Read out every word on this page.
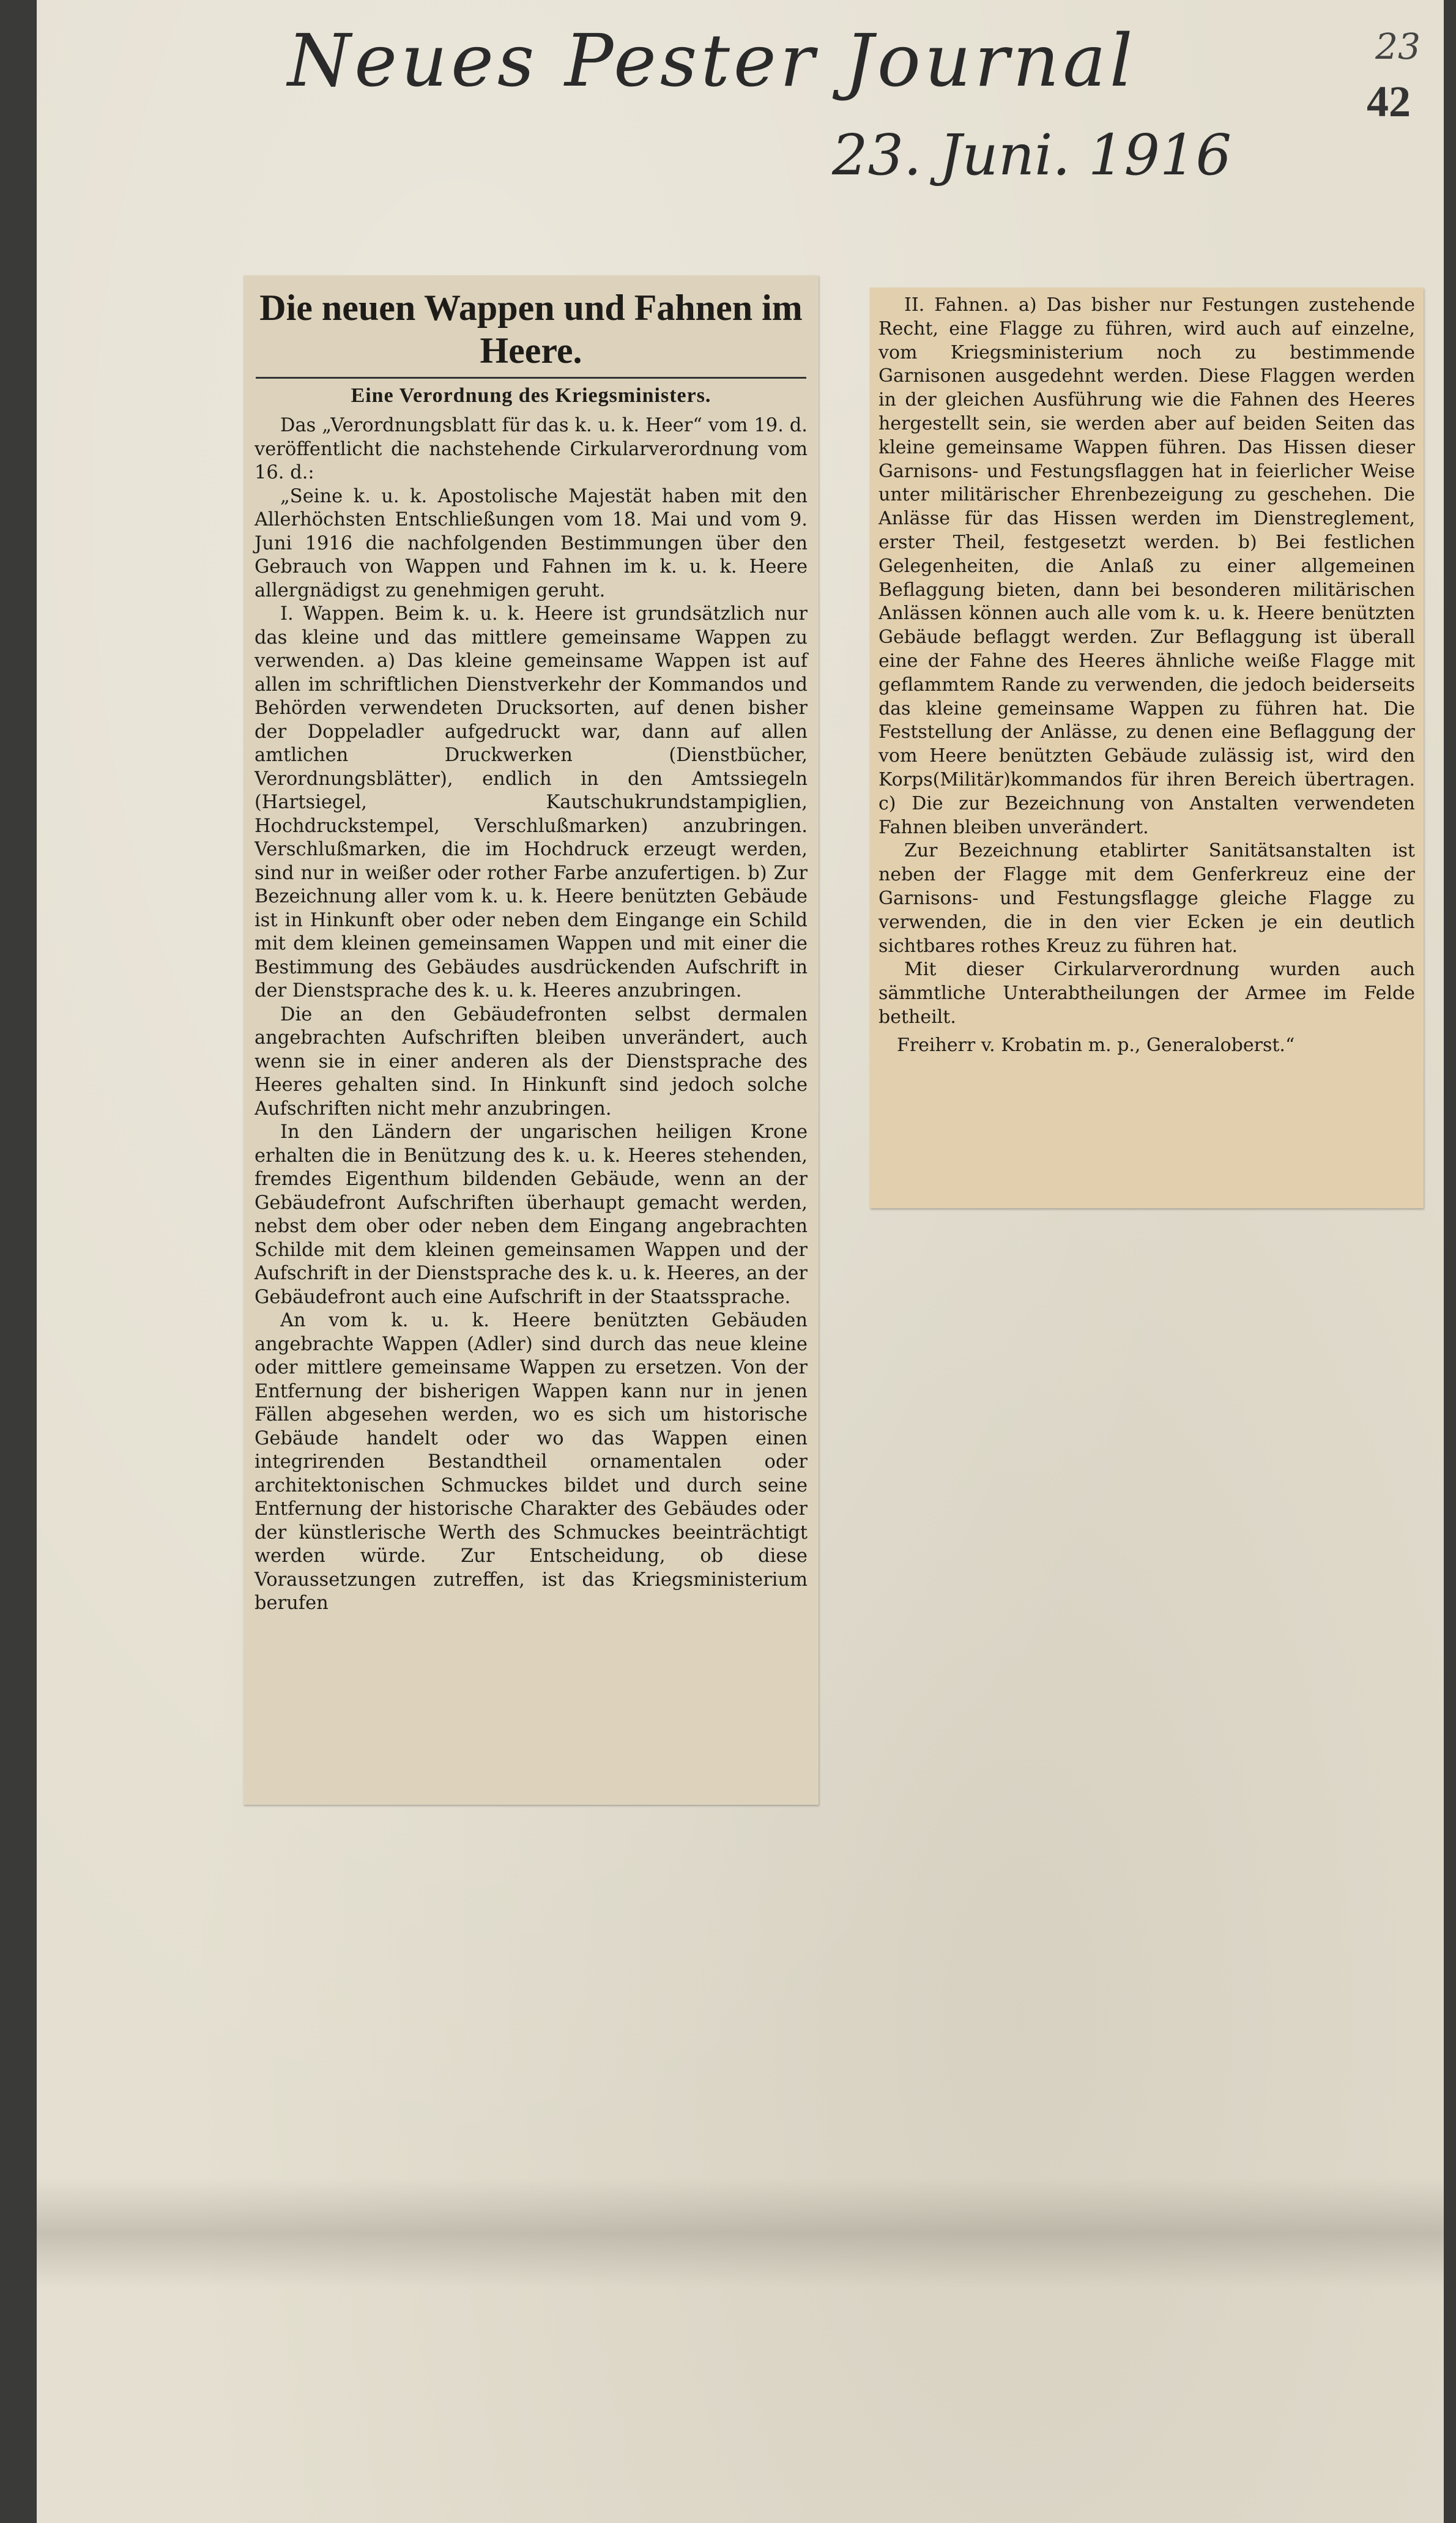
Neues Pester Journal
23. Juni. 1916
23
42
Die neuen Wappen und Fahnen im Heere.
Eine Verordnung des Kriegsministers.

Das „Verordnungsblatt für das k. u. k. Heer“ vom 19. d. veröffentlicht die nachstehende Cirkularverordnung vom 16. d.:

„Seine k. u. k. Apostolische Majestät haben mit den Allerhöchsten Entschließungen vom 18. Mai und vom 9. Juni 1916 die nachfolgenden Bestimmungen über den Gebrauch von Wappen und Fahnen im k. u. k. Heere allergnädigst zu genehmigen geruht.

I. Wappen. Beim k. u. k. Heere ist grundsätzlich nur das kleine und das mittlere gemeinsame Wappen zu verwenden. a) Das kleine gemeinsame Wappen ist auf allen im schriftlichen Dienstverkehr der Kommandos und Behörden verwendeten Drucksorten, auf denen bisher der Doppeladler aufgedruckt war, dann auf allen amtlichen Druckwerken (Dienstbücher, Verordnungsblätter), endlich in den Amtssiegeln (Hartsiegel, Kautschukrundstampiglien, Hochdruckstempel, Verschlußmarken) anzubringen. Verschlußmarken, die im Hochdruck erzeugt werden, sind nur in weißer oder rother Farbe anzufertigen. b) Zur Bezeichnung aller vom k. u. k. Heere benützten Gebäude ist in Hinkunft ober oder neben dem Eingange ein Schild mit dem kleinen gemeinsamen Wappen und mit einer die Bestimmung des Gebäudes ausdrückenden Aufschrift in der Dienstsprache des k. u. k. Heeres anzubringen.

Die an den Gebäudefronten selbst dermalen angebrachten Aufschriften bleiben unverändert, auch wenn sie in einer anderen als der Dienstsprache des Heeres gehalten sind. In Hinkunft sind jedoch solche Aufschriften nicht mehr anzubringen.

In den Ländern der ungarischen heiligen Krone erhalten die in Benützung des k. u. k. Heeres stehenden, fremdes Eigenthum bildenden Gebäude, wenn an der Gebäudefront Aufschriften überhaupt gemacht werden, nebst dem ober oder neben dem Eingang angebrachten Schilde mit dem kleinen gemeinsamen Wappen und der Aufschrift in der Dienstsprache des k. u. k. Heeres, an der Gebäudefront auch eine Aufschrift in der Staatssprache.

An vom k. u. k. Heere benützten Gebäuden angebrachte Wappen (Adler) sind durch das neue kleine oder mittlere gemeinsame Wappen zu ersetzen. Von der Entfernung der bisherigen Wappen kann nur in jenen Fällen abgesehen werden, wo es sich um historische Gebäude handelt oder wo das Wappen einen integrirenden Bestandtheil ornamentalen oder architektonischen Schmuckes bildet und durch seine Entfernung der historische Charakter des Gebäudes oder der künstlerische Werth des Schmuckes beeinträchtigt werden würde. Zur Entscheidung, ob diese Voraussetzungen zutreffen, ist das Kriegsministerium berufen

II. Fahnen. a) Das bisher nur Festungen zustehende Recht, eine Flagge zu führen, wird auch auf einzelne, vom Kriegsministerium noch zu bestimmende Garnisonen ausgedehnt werden. Diese Flaggen werden in der gleichen Ausführung wie die Fahnen des Heeres hergestellt sein, sie werden aber auf beiden Seiten das kleine gemeinsame Wappen führen. Das Hissen dieser Garnisons- und Festungsflaggen hat in feierlicher Weise unter militärischer Ehrenbezeigung zu geschehen. Die Anlässe für das Hissen werden im Dienstreglement, erster Theil, festgesetzt werden. b) Bei festlichen Gelegenheiten, die Anlaß zu einer allgemeinen Beflaggung bieten, dann bei besonderen militärischen Anlässen können auch alle vom k. u. k. Heere benützten Gebäude beflaggt werden. Zur Beflaggung ist überall eine der Fahne des Heeres ähnliche weiße Flagge mit geflammtem Rande zu verwenden, die jedoch beiderseits das kleine gemeinsame Wappen zu führen hat. Die Feststellung der Anlässe, zu denen eine Beflaggung der vom Heere benützten Gebäude zulässig ist, wird den Korps(Militär)kommandos für ihren Bereich übertragen. c) Die zur Bezeichnung von Anstalten verwendeten Fahnen bleiben unverändert.

Zur Bezeichnung etablirter Sanitätsanstalten ist neben der Flagge mit dem Genferkreuz eine der Garnisons- und Festungsflagge gleiche Flagge zu verwenden, die in den vier Ecken je ein deutlich sichtbares rothes Kreuz zu führen hat.

Mit dieser Cirkularverordnung wurden auch sämmtliche Unterabtheilungen der Armee im Felde betheilt.

Freiherr v. Krobatin m. p., Generaloberst.“
